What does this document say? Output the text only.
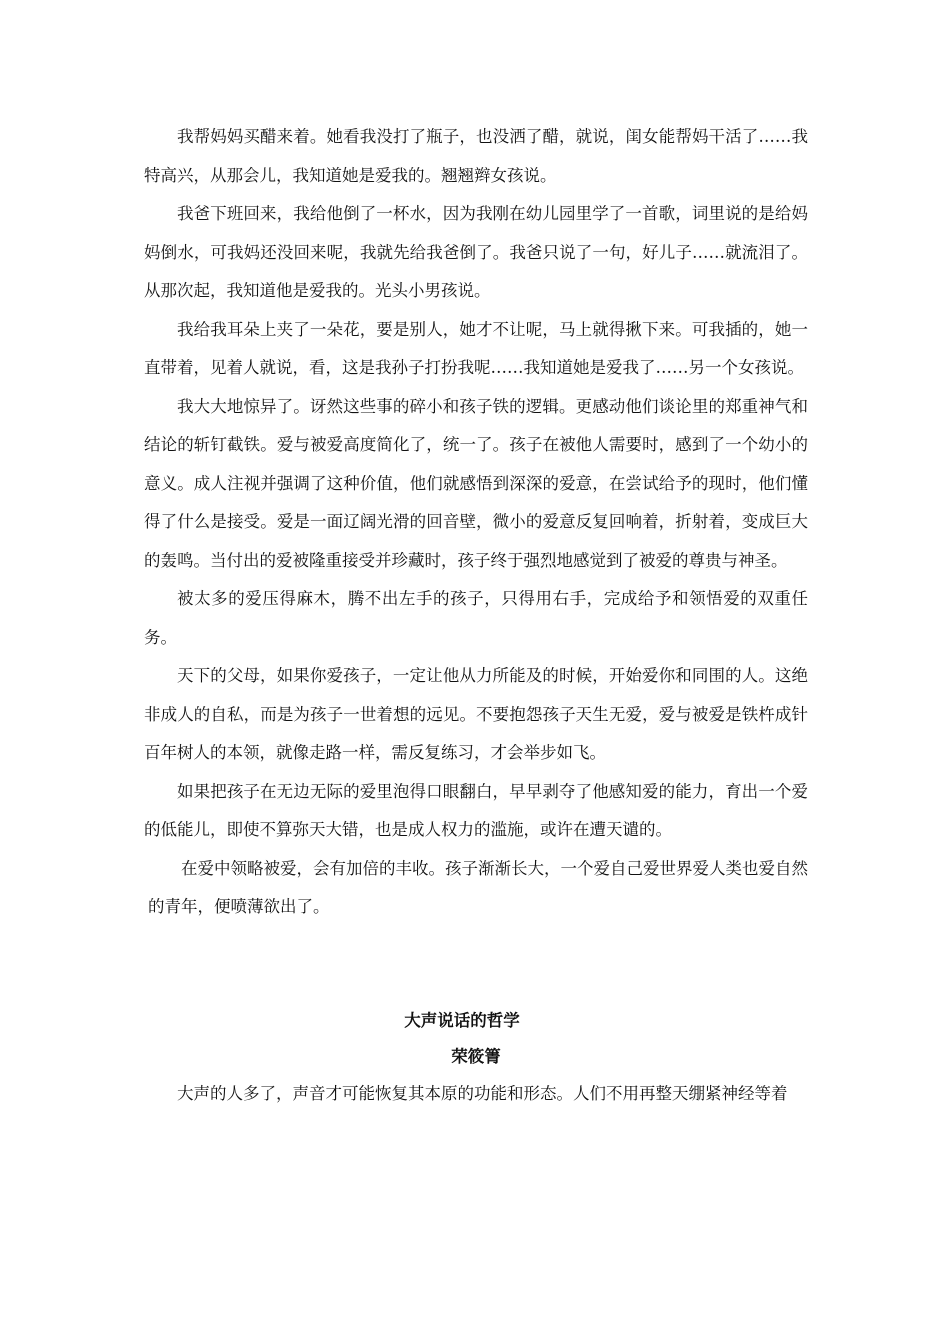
我帮妈妈买醋来着。她看我没打了瓶子，也没洒了醋，就说，闺女能帮妈干活了……我特高兴，从那会儿，我知道她是爱我的。翘翘辫女孩说。

我爸下班回来，我给他倒了一杯水，因为我刚在幼儿园里学了一首歌，词里说的是给妈妈倒水，可我妈还没回来呢，我就先给我爸倒了。我爸只说了一句，好儿子……就流泪了。从那次起，我知道他是爱我的。光头小男孩说。

我给我耳朵上夹了一朵花，要是别人，她才不让呢，马上就得揪下来。可我插的，她一直带着，见着人就说，看，这是我孙子打扮我呢……我知道她是爱我了……另一个女孩说。

我大大地惊异了。讶然这些事的碎小和孩子铁的逻辑。更感动他们谈论里的郑重神气和结论的斩钉截铁。爱与被爱高度简化了，统一了。孩子在被他人需要时，感到了一个幼小的意义。成人注视并强调了这种价值，他们就感悟到深深的爱意，在尝试给予的现时，他们懂得了什么是接受。爱是一面辽阔光滑的回音壁，微小的爱意反复回响着，折射着，变成巨大的轰鸣。当付出的爱被隆重接受并珍藏时，孩子终于强烈地感觉到了被爱的尊贵与神圣。

被太多的爱压得麻木，腾不出左手的孩子，只得用右手，完成给予和领悟爱的双重任务。

天下的父母，如果你爱孩子，一定让他从力所能及的时候，开始爱你和同围的人。这绝非成人的自私，而是为孩子一世着想的远见。不要抱怨孩子天生无爱，爱与被爱是铁杵成针百年树人的本领，就像走路一样，需反复练习，才会举步如飞。

如果把孩子在无边无际的爱里泡得口眼翻白，早早剥夺了他感知爱的能力，育出一个爱的低能儿，即使不算弥天大错，也是成人权力的滥施，或许在遭天谴的。

在爱中领略被爱，会有加倍的丰收。孩子渐渐长大，一个爱自己爱世界爱人类也爱自然的青年，便喷薄欲出了。

大声说话的哲学
荣筱箐

大声的人多了，声音才可能恢复其本原的功能和形态。人们不用再整天绷紧神经等着
